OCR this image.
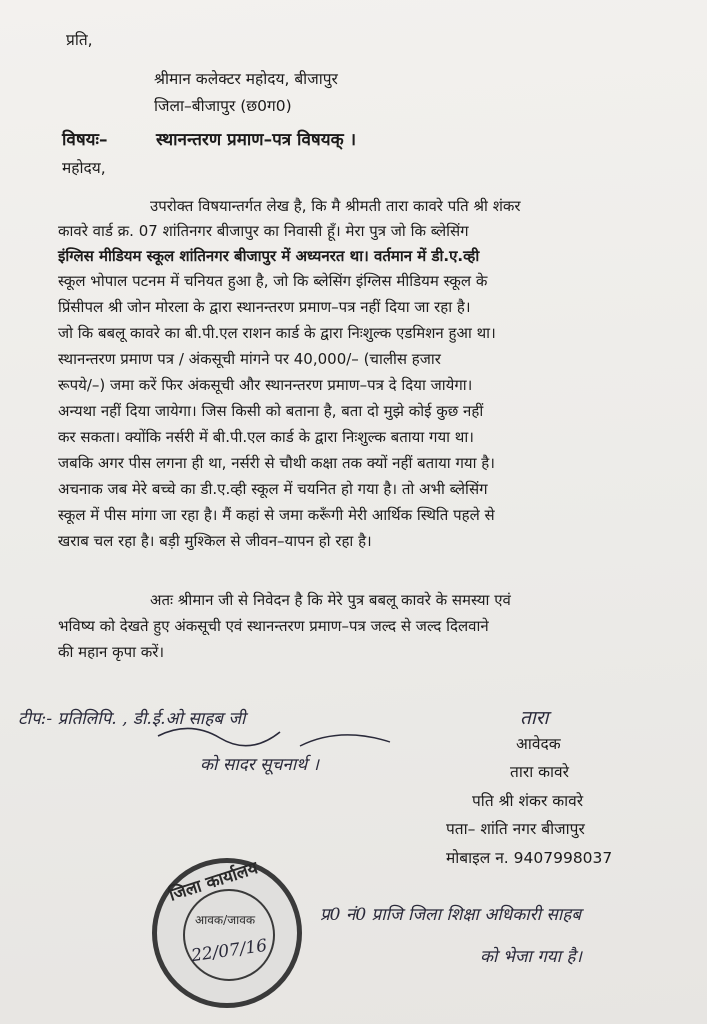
प्रति,
श्रीमान कलेक्टर महोदय, बीजापुर
जिला–बीजापुर (छ0ग0)
विषयः–	स्थानन्तरण प्रमाण–पत्र विषयक् ।
महोदय,
उपरोक्त विषयान्तर्गत लेख है, कि मै श्रीमती तारा कावरे पति श्री शंकर
कावरे वार्ड क्र. 07 शांतिनगर बीजापुर का निवासी हूँ। मेरा पुत्र जो कि ब्लेसिंग
इंग्लिस मीडियम स्कूल शांतिनगर बीजापुर में अध्यनरत था। वर्तमान में डी.ए.व्ही
स्कूल भोपाल पटनम में चनियत हुआ है, जो कि ब्लेसिंग इंग्लिस मीडियम स्कूल के
प्रिंसीपल श्री जोन मोरला के द्वारा स्थानन्तरण प्रमाण–पत्र नहीं दिया जा रहा है।
जो कि बबलू कावरे का बी.पी.एल राशन कार्ड के द्वारा निःशुल्क एडमिशन हुआ था।
स्थानन्तरण प्रमाण पत्र / अंकसूची मांगने पर 40,000/– (चालीस हजार
रूपये/–) जमा करें फिर अंकसूची और स्थानन्तरण प्रमाण–पत्र दे दिया जायेगा।
अन्यथा नहीं दिया जायेगा। जिस किसी को बताना है, बता दो मुझे कोई कुछ नहीं
कर सकता। क्योंकि नर्सरी में बी.पी.एल कार्ड के द्वारा निःशुल्क बताया गया था।
जबकि अगर पीस लगना ही था, नर्सरी से चौथी कक्षा तक क्यों नहीं बताया गया है।
अचनाक जब मेरे बच्चे का डी.ए.व्ही स्कूल में चयनित हो गया है। तो अभी ब्लेसिंग
स्कूल में पीस मांगा जा रहा है। मैं कहां से जमा करूँगी मेरी आर्थिक स्थिति पहले से
खराब चल रहा है। बड़ी मुश्किल से जीवन–यापन हो रहा है।
अतः श्रीमान जी से निवेदन है कि मेरे पुत्र बबलू कावरे के समस्या एवं
भविष्य को देखते हुए अंकसूची एवं स्थानन्तरण प्रमाण–पत्र जल्द से जल्द दिलवाने
की महान कृपा करें।
टीप:- प्रतिलिपि. , डी.ई.ओ साहब जी
को सादर सूचनार्थ ।
तारा
आवेदक
तारा कावरे
पति श्री शंकर कावरे
पता– शांति नगर बीजापुर
मोबाइल न. 9407998037
जिला कार्यालय
आवक/जावक
22/07/16
प्र0 नं0 प्राजि जिला शिक्षा अधिकारी साहब
को भेजा गया है।
